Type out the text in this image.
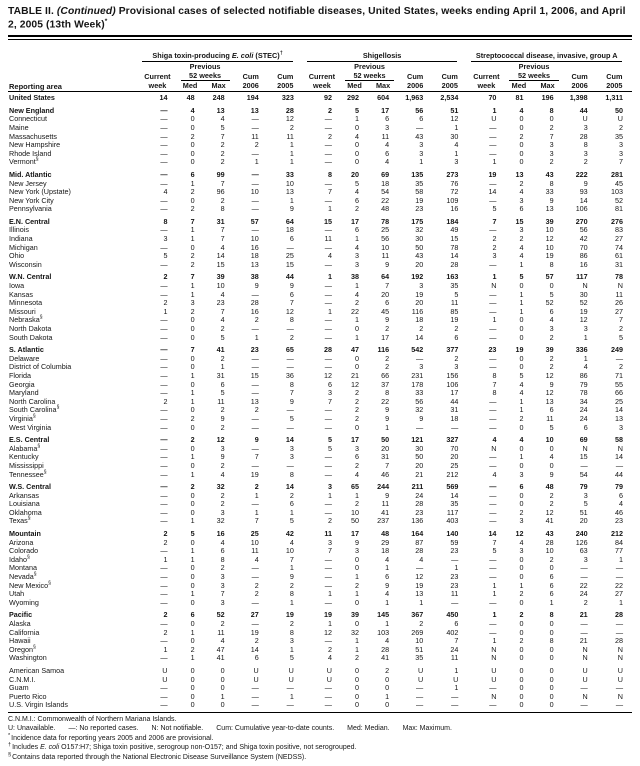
TABLE II. (Continued) Provisional cases of selected notifiable diseases, United States, weeks ending April 1, 2006, and April 2, 2005 (13th Week)*
Reporting area	Shiga toxin-producing E. coli (STEC)†					Shigellosis					Streptococcal disease, invasive, group A				

		Previous					Previous					Previous			
	Current	52 weeks		Cum	Cum	Current	52 weeks		Cum	Cum	Current	52 weeks		Cum	Cum
	week	Med	Max	2006	2005	week	Med	Max	2006	2005	week	Med	Max	2006	2005
United States	14	48	248	194	323	92	292	604	1,963	2,534	70	81	196	1,398	1,311
New England	—	4	13	13	28	2	5	17	56	51	1	4	8	44	50
Connecticut	—	0	4	—	12	—	1	6	6	12	U	0	0	U	U
Maine	—	0	5	—	2	—	0	3	—	1	—	0	2	3	2
Massachusetts	—	2	7	11	11	2	4	11	43	30	—	2	7	28	35
New Hampshire	—	0	2	2	1	—	0	4	3	4	—	0	3	8	3
Rhode Island	—	0	2	—	1	—	0	6	3	1	—	0	3	3	3
Vermont§	—	0	2	1	1	—	0	4	1	3	1	0	2	2	7
Mid. Atlantic	—	6	99	—	33	8	20	69	135	273	19	13	43	222	281
New Jersey	—	1	7	—	10	—	5	18	35	76	—	2	8	9	45
New York (Upstate)	4	2	96	10	13	7	4	54	58	72	14	4	33	93	103
New York City	—	0	2	—	1	—	6	22	19	109	—	3	9	14	52
Pennsylvania	—	2	8	—	9	1	2	48	23	16	5	6	13	106	81
E.N. Central	8	7	31	57	64	15	17	78	175	184	7	15	39	270	276
Illinois	—	1	7	—	18	—	6	25	32	49	—	3	10	56	83
Indiana	3	1	7	10	6	11	1	56	30	15	2	2	12	42	27
Michigan	—	0	4	16	—	—	4	10	50	78	2	4	10	70	74
Ohio	5	2	14	18	25	4	3	11	43	14	3	4	19	86	61
Wisconsin	—	2	15	13	15	—	3	9	20	28	—	1	8	16	31
W.N. Central	2	7	39	38	44	1	38	64	192	163	1	5	57	117	78
Iowa	—	1	10	9	9	—	1	7	3	35	N	0	0	N	N
Kansas	—	1	4	—	6	—	4	20	19	5	—	1	5	30	11
Minnesota	2	3	23	28	7	—	2	6	20	11	—	1	52	52	26
Missouri	1	2	7	16	12	1	22	45	116	85	—	1	6	19	27
Nebraska§	—	0	4	2	8	—	1	9	18	19	1	0	4	12	7
North Dakota	—	0	2	—	—	—	0	2	2	2	—	0	3	3	2
South Dakota	—	0	5	1	2	—	1	17	14	6	—	0	2	1	5
S. Atlantic	—	7	41	23	65	28	47	116	542	377	23	19	39	336	249
Delaware	—	0	2	—	—	—	0	2	—	2	—	0	2	1	—
District of Columbia	—	0	1	—	—	—	0	2	3	3	—	0	2	4	2
Florida	—	1	31	15	36	12	21	66	231	156	8	5	12	86	71
Georgia	—	0	6	—	8	6	12	37	178	106	7	4	9	79	55
Maryland	—	1	5	—	7	3	2	8	33	17	8	4	12	78	66
North Carolina	2	1	11	13	9	7	2	22	56	44	—	1	13	34	25
South Carolina§	—	0	2	2	—	—	2	9	32	31	—	1	6	24	14
Virginia§	—	2	9	—	5	—	2	9	9	18	—	2	11	24	13
West Virginia	—	0	2	—	—	—	0	1	—	—	—	0	5	6	3
E.S. Central	—	2	12	9	14	5	17	50	121	327	4	4	10	69	58
Alabama§	—	0	3	—	3	5	3	20	30	70	N	0	0	N	N
Kentucky	—	1	9	7	3	—	6	31	50	20	—	1	4	15	14
Mississippi	—	0	2	—	—	—	2	7	20	25	—	0	0	—	—
Tennessee§	—	1	4	19	8	—	4	46	21	212	4	3	9	54	44
W.S. Central	—	2	32	2	14	3	65	244	211	569	—	6	48	79	79
Arkansas	—	0	2	1	2	1	1	9	24	14	—	0	2	3	6
Louisiana	—	0	2	—	6	—	2	11	28	35	—	0	2	5	4
Oklahoma	—	0	3	1	1	—	10	41	23	117	—	2	12	51	46
Texas§	—	1	32	7	5	2	50	237	136	403	—	3	41	20	23
Mountain	2	5	16	25	42	11	17	48	164	140	14	12	43	240	212
Arizona	2	0	4	10	4	3	9	29	87	59	7	4	28	126	84
Colorado	—	1	6	11	10	7	3	18	28	23	5	3	10	63	77
Idaho§	1	1	8	4	7	—	0	4	4	—	—	0	2	3	1
Montana	—	0	2	—	1	—	0	1	—	1	—	0	0	—	—
Nevada§	—	0	3	—	9	—	1	6	12	23	—	0	6	—	—
New Mexico§	—	0	3	2	2	—	2	9	19	23	1	1	6	22	22
Utah	—	1	7	2	8	1	1	4	13	11	1	2	6	24	27
Wyoming	—	0	3	—	1	—	0	1	1	—	—	0	1	2	1
Pacific	2	6	52	27	19	19	39	145	367	450	1	2	8	21	28
Alaska	—	0	2	—	2	1	0	1	2	6	—	0	0	—	—
California	2	1	11	19	8	12	32	103	269	402	—	0	0	—	—
Hawaii	—	0	4	2	3	—	1	4	10	7	1	2	8	21	28
Oregon§	1	2	47	14	1	2	1	28	51	24	N	0	0	N	N
Washington	—	1	41	6	5	4	2	41	35	11	N	0	0	N	N
American Samoa	U	0	0	U	U	U	0	2	U	1	U	0	0	U	U
C.N.M.I.	U	0	0	U	U	U	0	0	U	U	U	0	0	U	U
Guam	—	0	0	—	—	—	0	0	—	1	—	0	0	—	—
Puerto Rico	—	0	1	—	1	—	0	1	—	—	N	0	0	N	N
U.S. Virgin Islands	—	0	0	—	—	—	0	0	—	—	—	0	0	—	—
C.N.M.I.: Commonwealth of Northern Mariana Islands.
U: Unavailable. —: No reported cases. N: Not notifiable. Cum: Cumulative year-to-date counts. Med: Median. Max: Maximum.
*Incidence data for reporting years 2005 and 2006 are provisional.
†Includes E. coli O157:H7; Shiga toxin positive, serogroup non-O157; and Shiga toxin positive, not serogrouped.
§Contains data reported through the National Electronic Disease Surveillance System (NEDSS).
